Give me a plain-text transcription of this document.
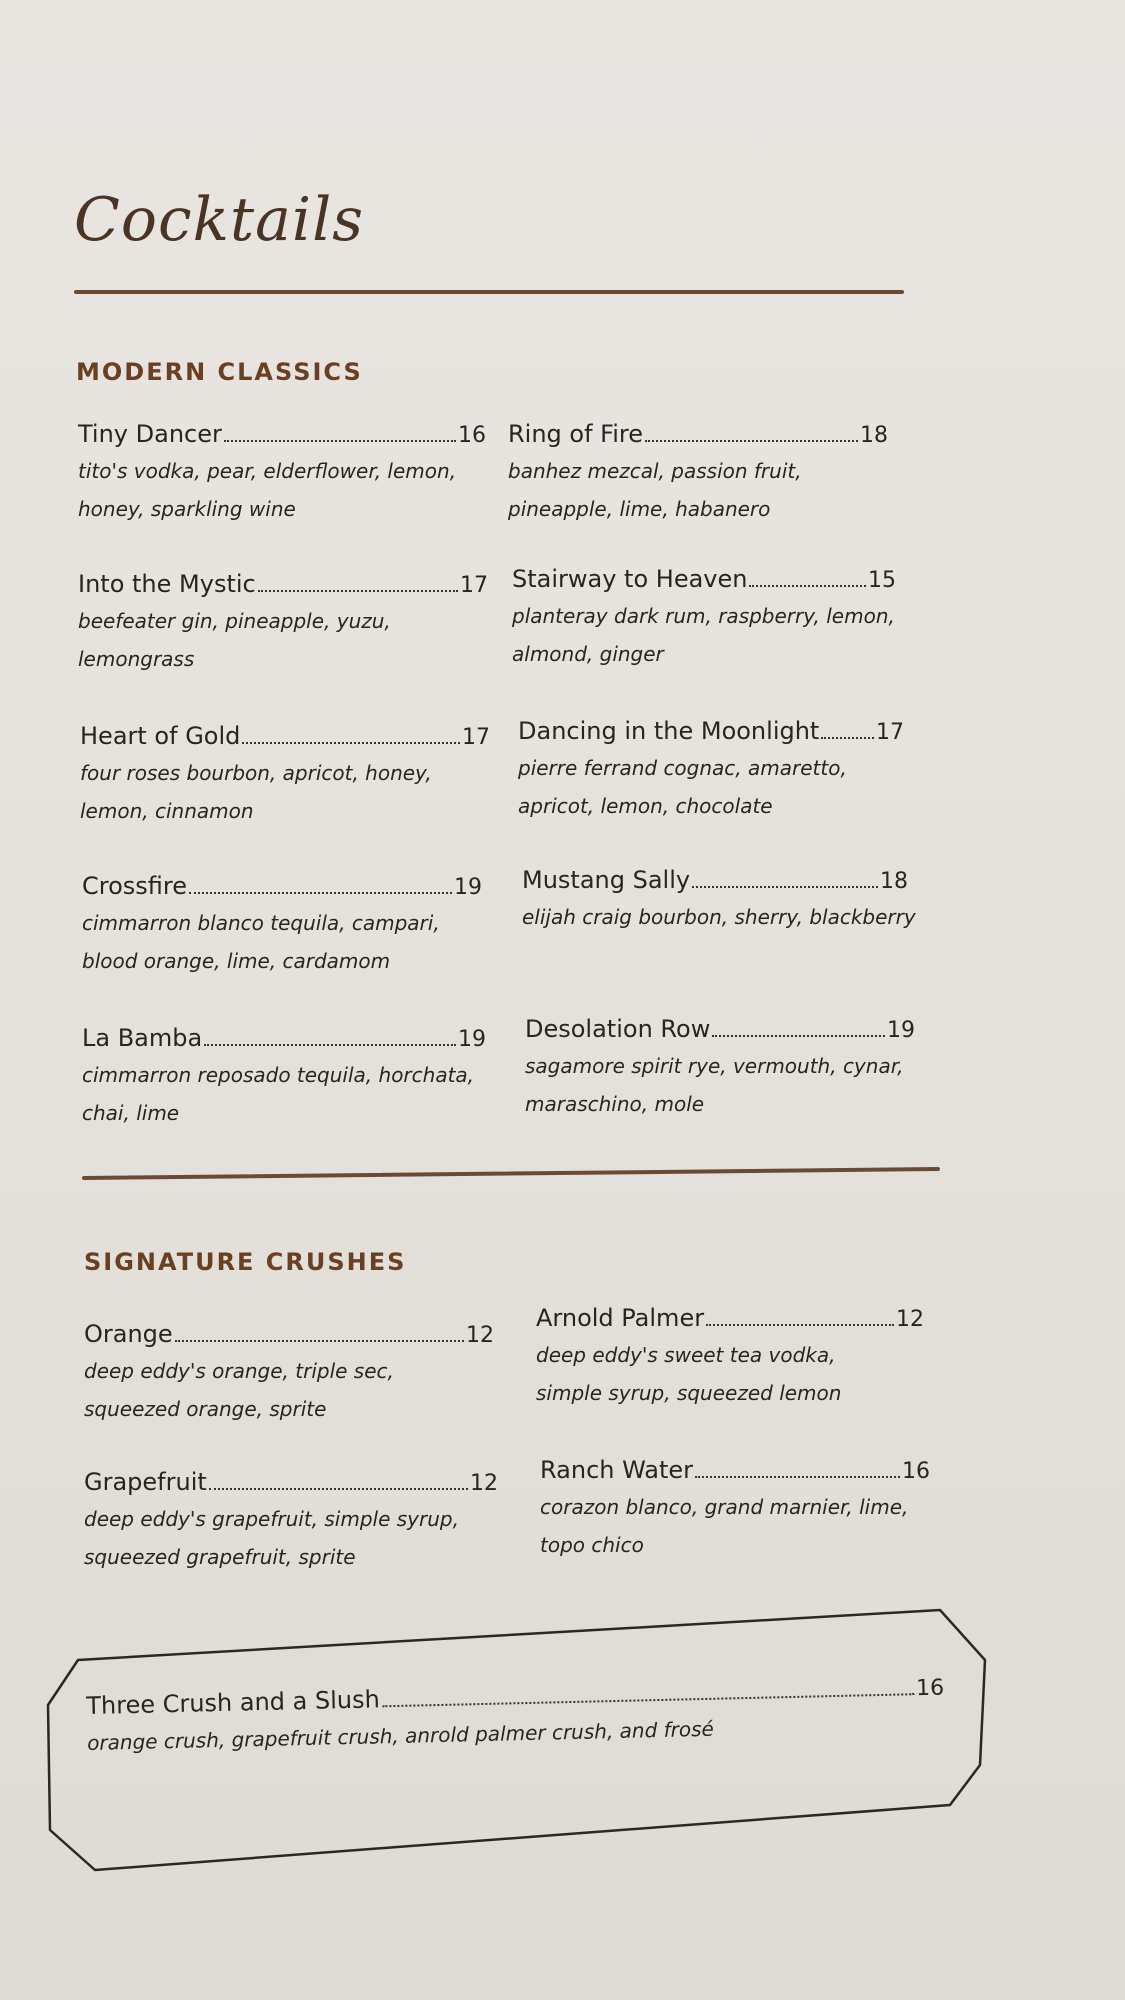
Cocktails
MODERN CLASSICS
Tiny Dancer	16
tito's vodka, pear, elderflower, lemon,
honey, sparkling wine
Into the Mystic	17
beefeater gin, pineapple, yuzu,
lemongrass
Heart of Gold	17
four roses bourbon, apricot, honey,
lemon, cinnamon
Crossfire	19
cimmarron blanco tequila, campari,
blood orange, lime, cardamom
La Bamba	19
cimmarron reposado tequila, horchata,
chai, lime
Ring of Fire	18
banhez mezcal, passion fruit,
pineapple, lime, habanero
Stairway to Heaven	15
planteray dark rum, raspberry, lemon,
almond, ginger
Dancing in the Moonlight	17
pierre ferrand cognac, amaretto,
apricot, lemon, chocolate
Mustang Sally	18
elijah craig bourbon, sherry, blackberry
Desolation Row	19
sagamore spirit rye, vermouth, cynar,
maraschino, mole
SIGNATURE CRUSHES
Orange	12
deep eddy's orange, triple sec,
squeezed orange, sprite
Arnold Palmer	12
deep eddy's sweet tea vodka,
simple syrup, squeezed lemon
Grapefruit	12
deep eddy's grapefruit, simple syrup,
squeezed grapefruit, sprite
Ranch Water	16
corazon blanco, grand marnier, lime,
topo chico
Three Crush and a Slush	16
orange crush, grapefruit crush, anrold palmer crush, and frosé
